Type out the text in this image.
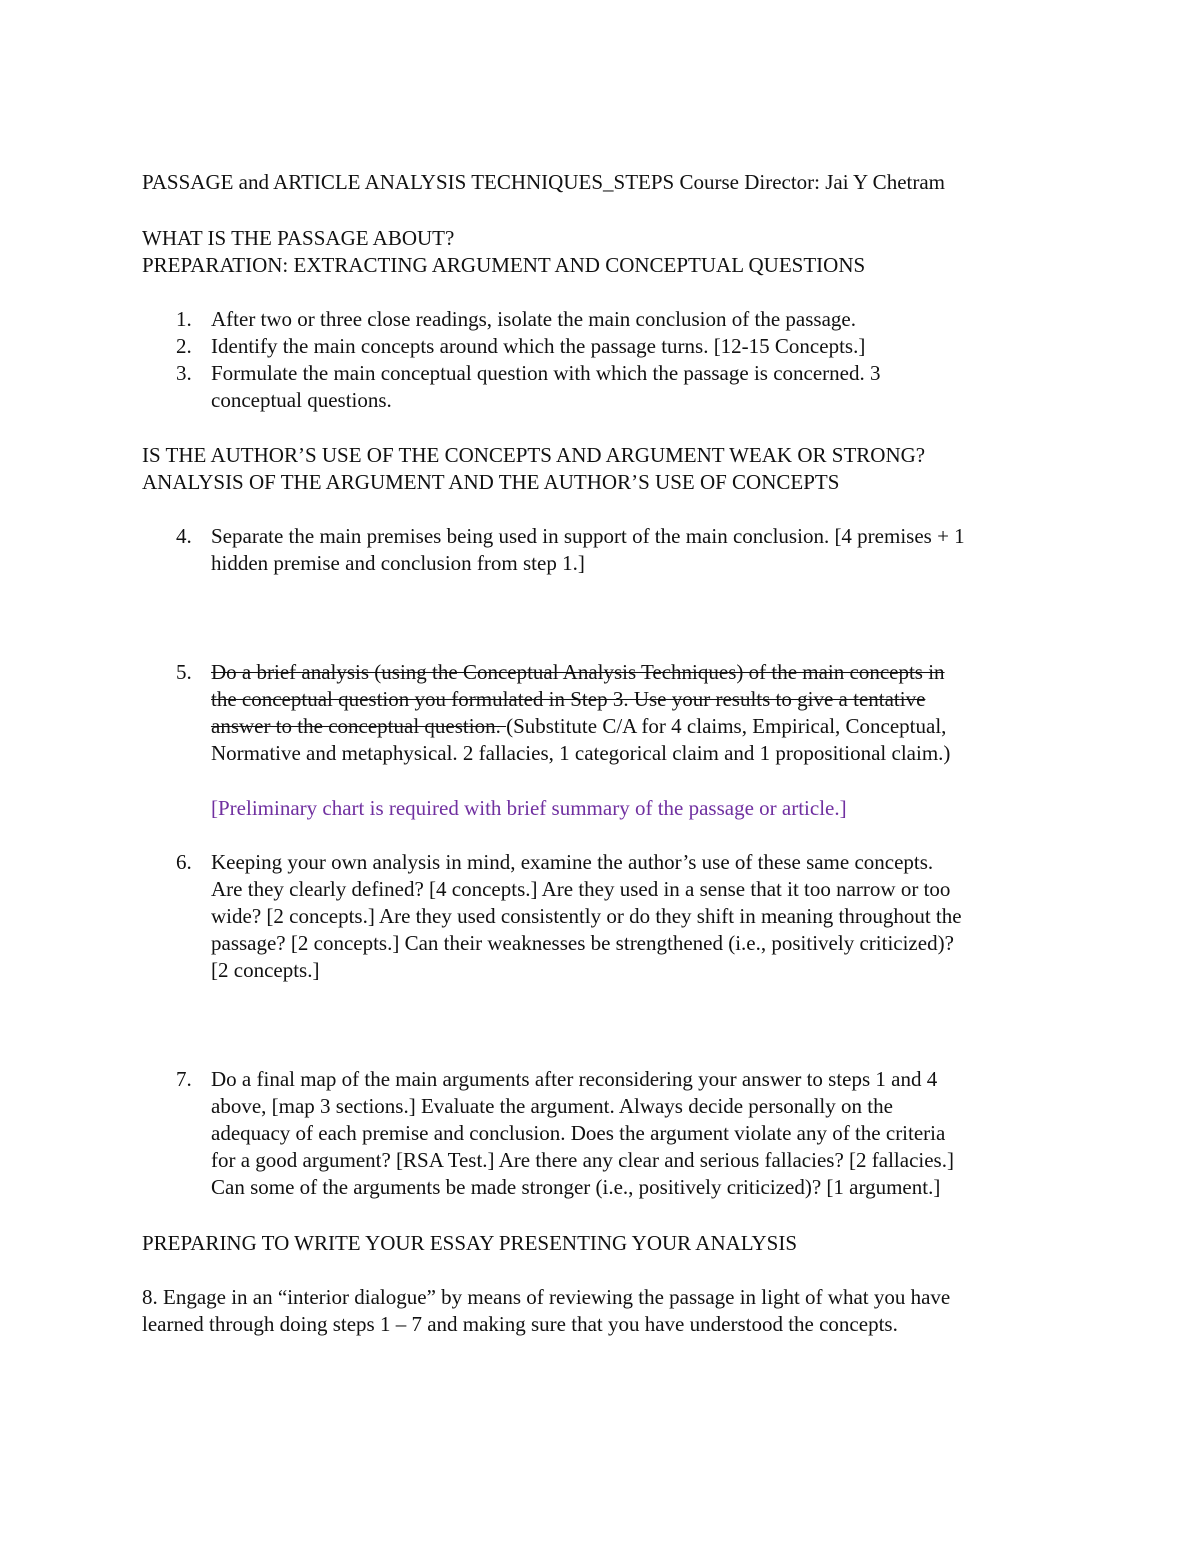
PASSAGE and ARTICLE ANALYSIS TECHNIQUES_STEPS Course Director: Jai Y Chetram

WHAT IS THE PASSAGE ABOUT?

PREPARATION: EXTRACTING ARGUMENT AND CONCEPTUAL QUESTIONS

1. After two or three close readings, isolate the main conclusion of the passage.
2. Identify the main concepts around which the passage turns. [12-15 Concepts.]
3. Formulate the main conceptual question with which the passage is concerned. 3
conceptual questions.

IS THE AUTHOR’S USE OF THE CONCEPTS AND ARGUMENT WEAK OR STRONG?

ANALYSIS OF THE ARGUMENT AND THE AUTHOR’S USE OF CONCEPTS

4. Separate the main premises being used in support of the main conclusion. [4 premises + 1
hidden premise and conclusion from step 1.]
5. Do a brief analysis (using the Conceptual Analysis Techniques) of the main concepts in
the conceptual question you formulated in Step 3. Use your results to give a tentative
answer to the conceptual question. (Substitute C/A for 4 claims, Empirical, Conceptual,
Normative and metaphysical. 2 fallacies, 1 categorical claim and 1 propositional claim.)
[Preliminary chart is required with brief summary of the passage or article.]
6. Keeping your own analysis in mind, examine the author’s use of these same concepts.
Are they clearly defined? [4 concepts.] Are they used in a sense that it too narrow or too
wide? [2 concepts.] Are they used consistently or do they shift in meaning throughout the
passage? [2 concepts.] Can their weaknesses be strengthened (i.e., positively criticized)?
[2 concepts.]
7. Do a final map of the main arguments after reconsidering your answer to steps 1 and 4
above, [map 3 sections.] Evaluate the argument. Always decide personally on the
adequacy of each premise and conclusion. Does the argument violate any of the criteria
for a good argument? [RSA Test.] Are there any clear and serious fallacies? [2 fallacies.]
Can some of the arguments be made stronger (i.e., positively criticized)? [1 argument.]

PREPARING TO WRITE YOUR ESSAY PRESENTING YOUR ANALYSIS

8. Engage in an “interior dialogue” by means of reviewing the passage in light of what you have

learned through doing steps 1 – 7 and making sure that you have understood the concepts.
